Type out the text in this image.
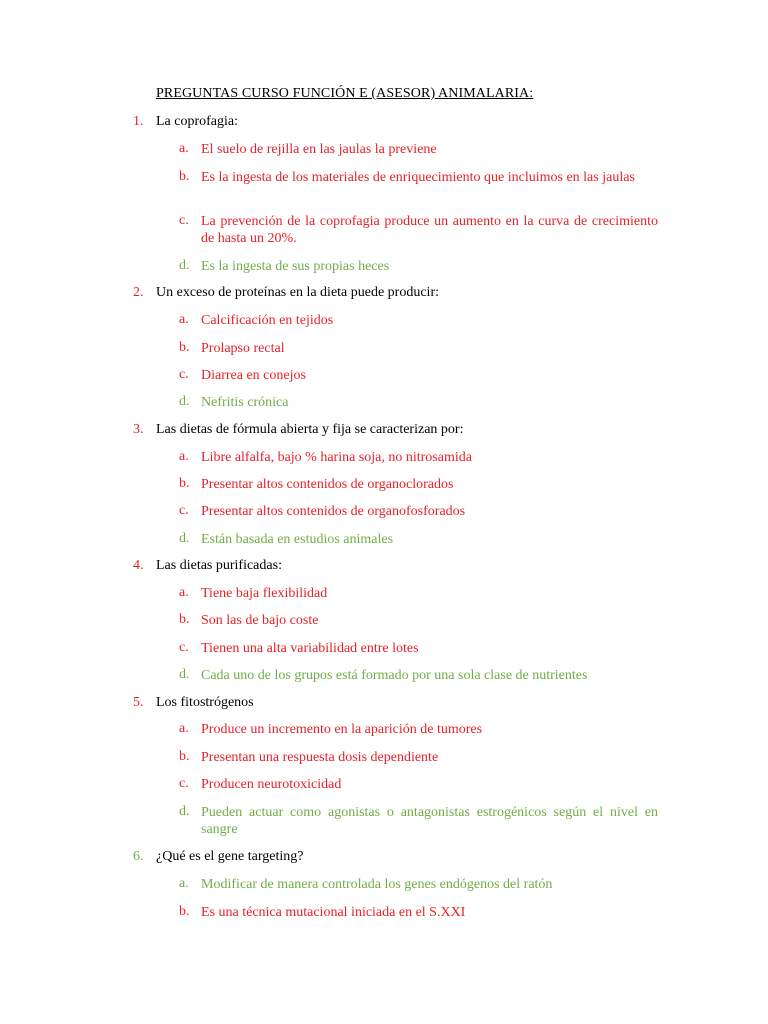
PREGUNTAS CURSO FUNCIÓN E (ASESOR) ANIMALARIA:
1. La coprofagia:
a. El suelo de rejilla en las jaulas la previene
b. Es la ingesta de los materiales de enriquecimiento que incluimos en las jaulas
c. La prevención de la coprofagia produce un aumento en la curva de crecimiento de hasta un 20%.
d. Es la ingesta de sus propias heces
2. Un exceso de proteínas en la dieta puede producir:
a. Calcificación en tejidos
b. Prolapso rectal
c. Diarrea en conejos
d. Nefritis crónica
3. Las dietas de fórmula abierta y fija se caracterizan por:
a. Libre alfalfa, bajo % harina soja, no nitrosamida
b. Presentar altos contenidos de organoclorados
c. Presentar altos contenidos de organofosforados
d. Están basada en estudios animales
4. Las dietas purificadas:
a. Tiene baja flexibilidad
b. Son las de bajo coste
c. Tienen una alta variabilidad entre lotes
d. Cada uno de los grupos está formado por una sola clase de nutrientes
5. Los fitostrógenos
a. Produce un incremento en la aparición de tumores
b. Presentan una respuesta dosis dependiente
c. Producen neurotoxicidad
d. Pueden actuar como agonistas o antagonistas estrogénicos según el nivel en sangre
6. ¿Qué es el gene targeting?
a. Modificar de manera controlada los genes endógenos del ratón
b. Es una técnica mutacional iniciada en el S.XXI
